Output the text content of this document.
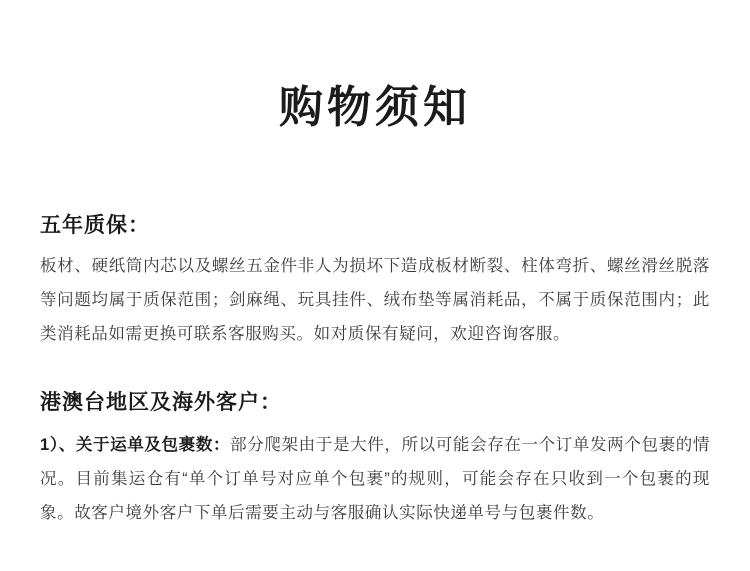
购物须知
五年质保：

板材、硬纸筒内芯以及螺丝五金件非人为损坏下造成板材断裂、柱体弯折、螺丝滑丝脱落等问题均属于质保范围；剑麻绳、玩具挂件、绒布垫等属消耗品，不属于质保范围内；此类消耗品如需更换可联系客服购买。如对质保有疑问，欢迎咨询客服。

港澳台地区及海外客户：

1）、关于运单及包裹数：部分爬架由于是大件，所以可能会存在一个订单发两个包裹的情况。目前集运仓有“单个订单号对应单个包裹”的规则，可能会存在只收到一个包裹的现象。故客户境外客户下单后需要主动与客服确认实际快递单号与包裹件数。
